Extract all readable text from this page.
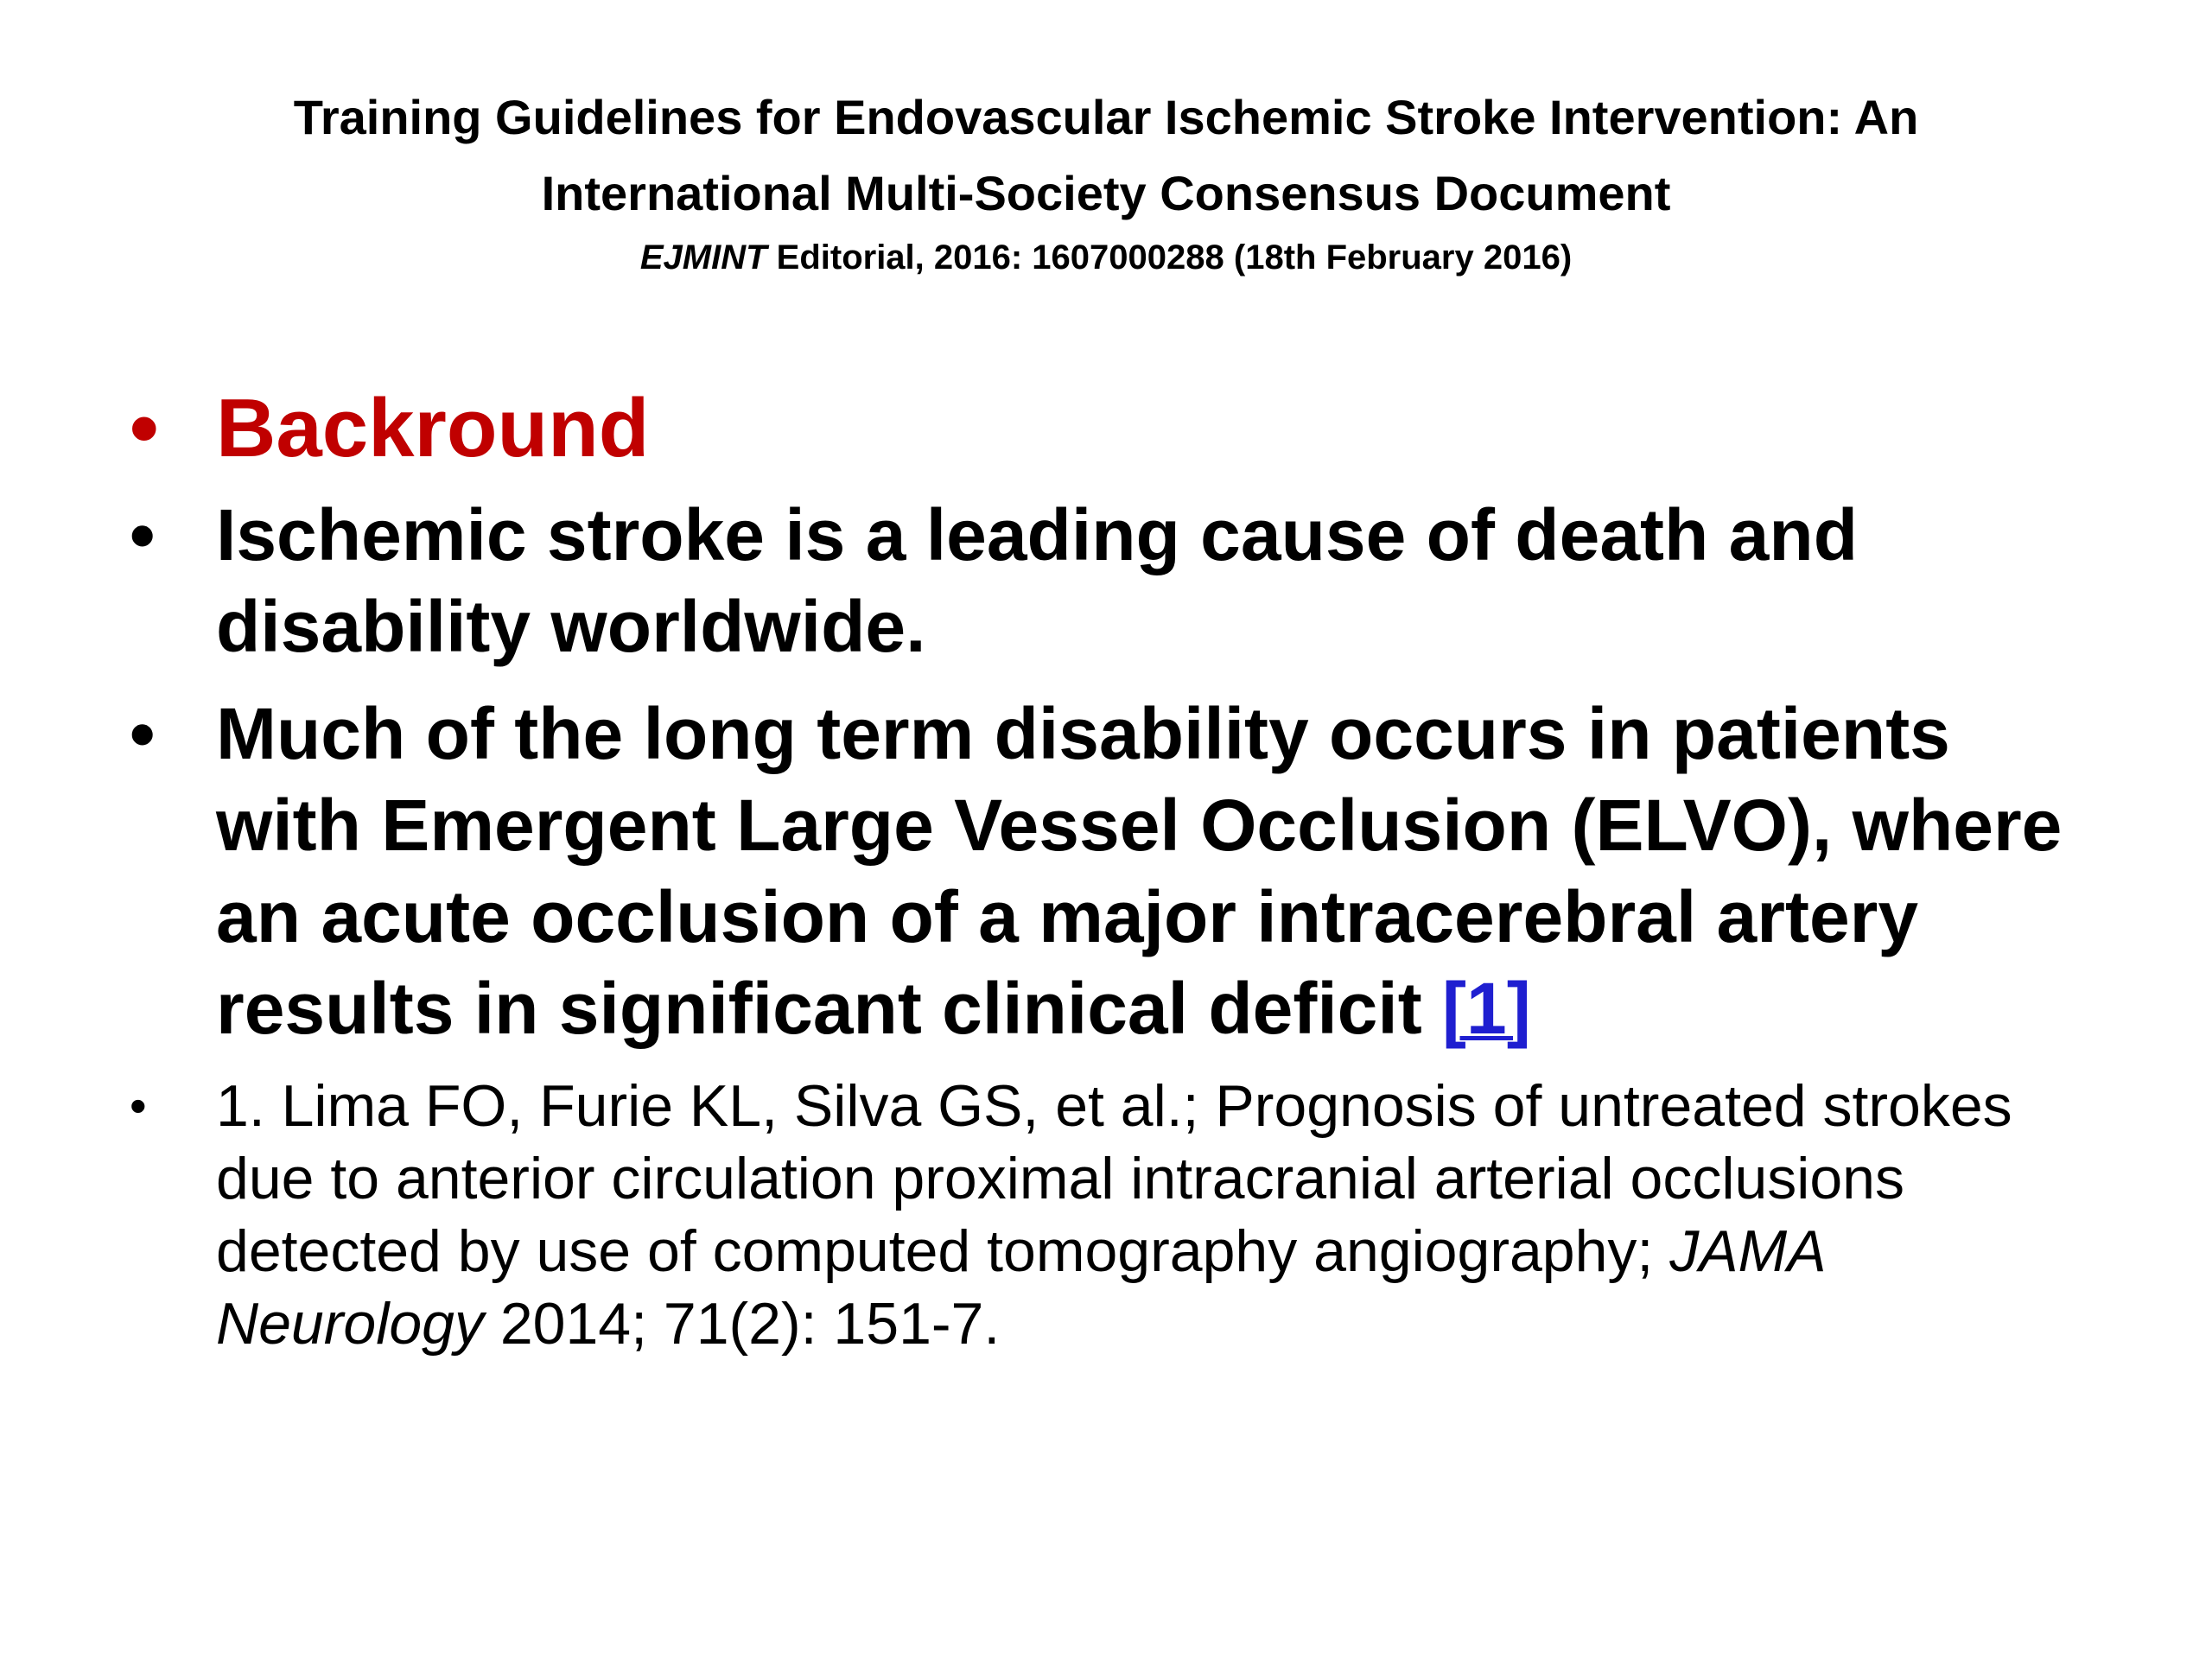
Training Guidelines for Endovascular Ischemic Stroke Intervention: An

International Multi-Society Consensus Document

EJMINT Editorial, 2016: 1607000288 (18th February 2016)

• Backround
• Ischemic stroke is a leading cause of death and disability worldwide.
• Much of the long term disability occurs in patients with Emergent Large Vessel Occlusion (ELVO), where an acute occlusion of a major intracerebral artery results in significant clinical deficit [1]
• 1. Lima FO, Furie KL, Silva GS, et al.; Prognosis of untreated strokes due to anterior circulation proximal intracranial arterial occlusions detected by use of computed tomography angiography; JAMA Neurology 2014; 71(2): 151-7.
